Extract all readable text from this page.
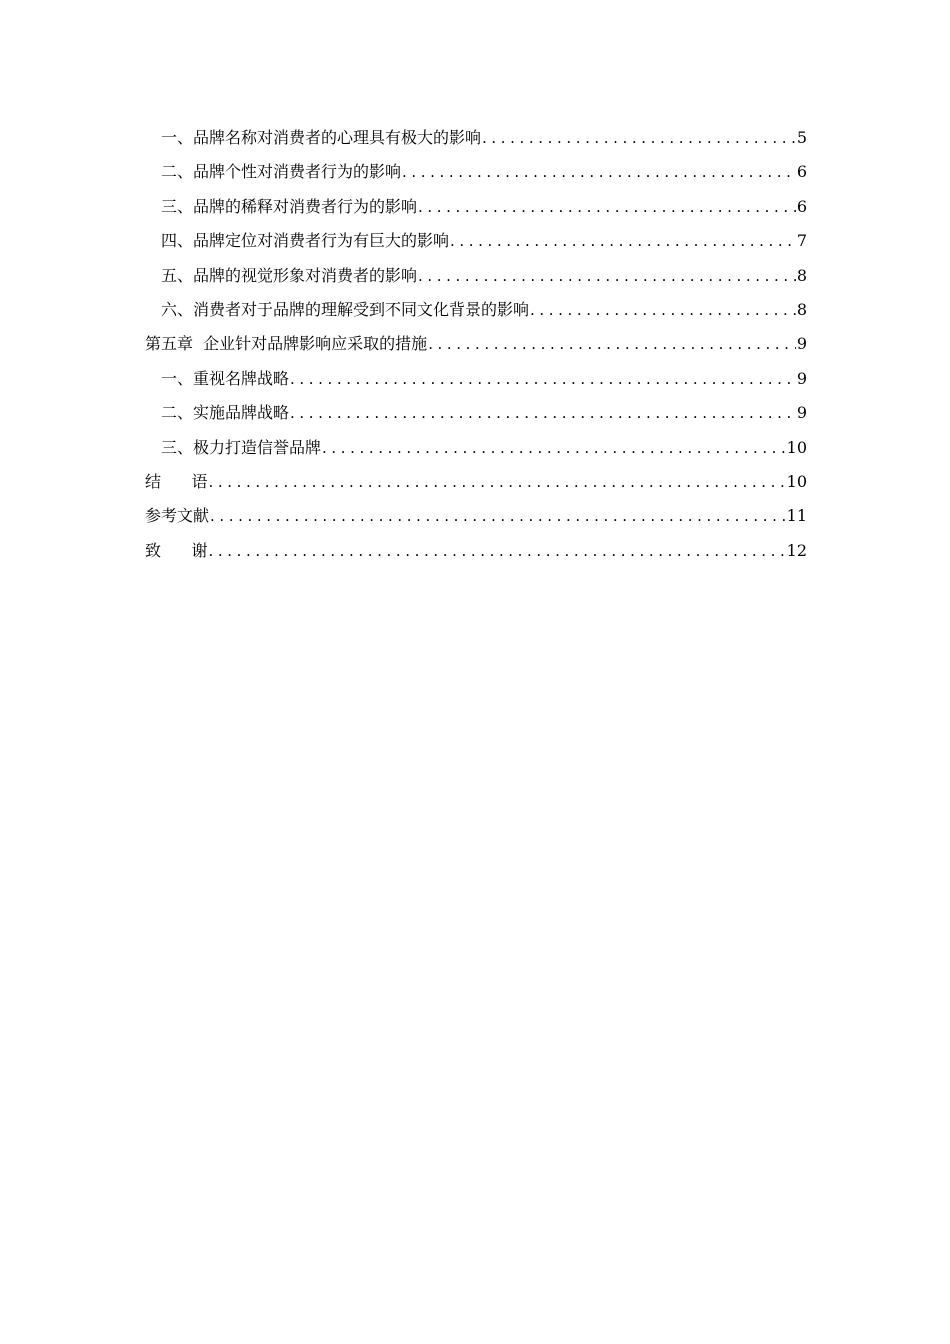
一、品牌名称对消费者的心理具有极大的影响 .....	5
二、品牌个性对消费者行为的影响 .....	6
三、品牌的稀释对消费者行为的影响 .....	6
四、品牌定位对消费者行为有巨大的影响 .....	7
五、品牌的视觉形象对消费者的影响 .....	8
六、消费者对于品牌的理解受到不同文化背景的影响 .....	8
第五章  企业针对品牌影响应采取的措施 .....	9
一、重视名牌战略 .....	9
二、实施品牌战略 .....	9
三、极力打造信誉品牌 .....	10
结      语 .....	10
参考文献 .....	11
致      谢 .....	12
